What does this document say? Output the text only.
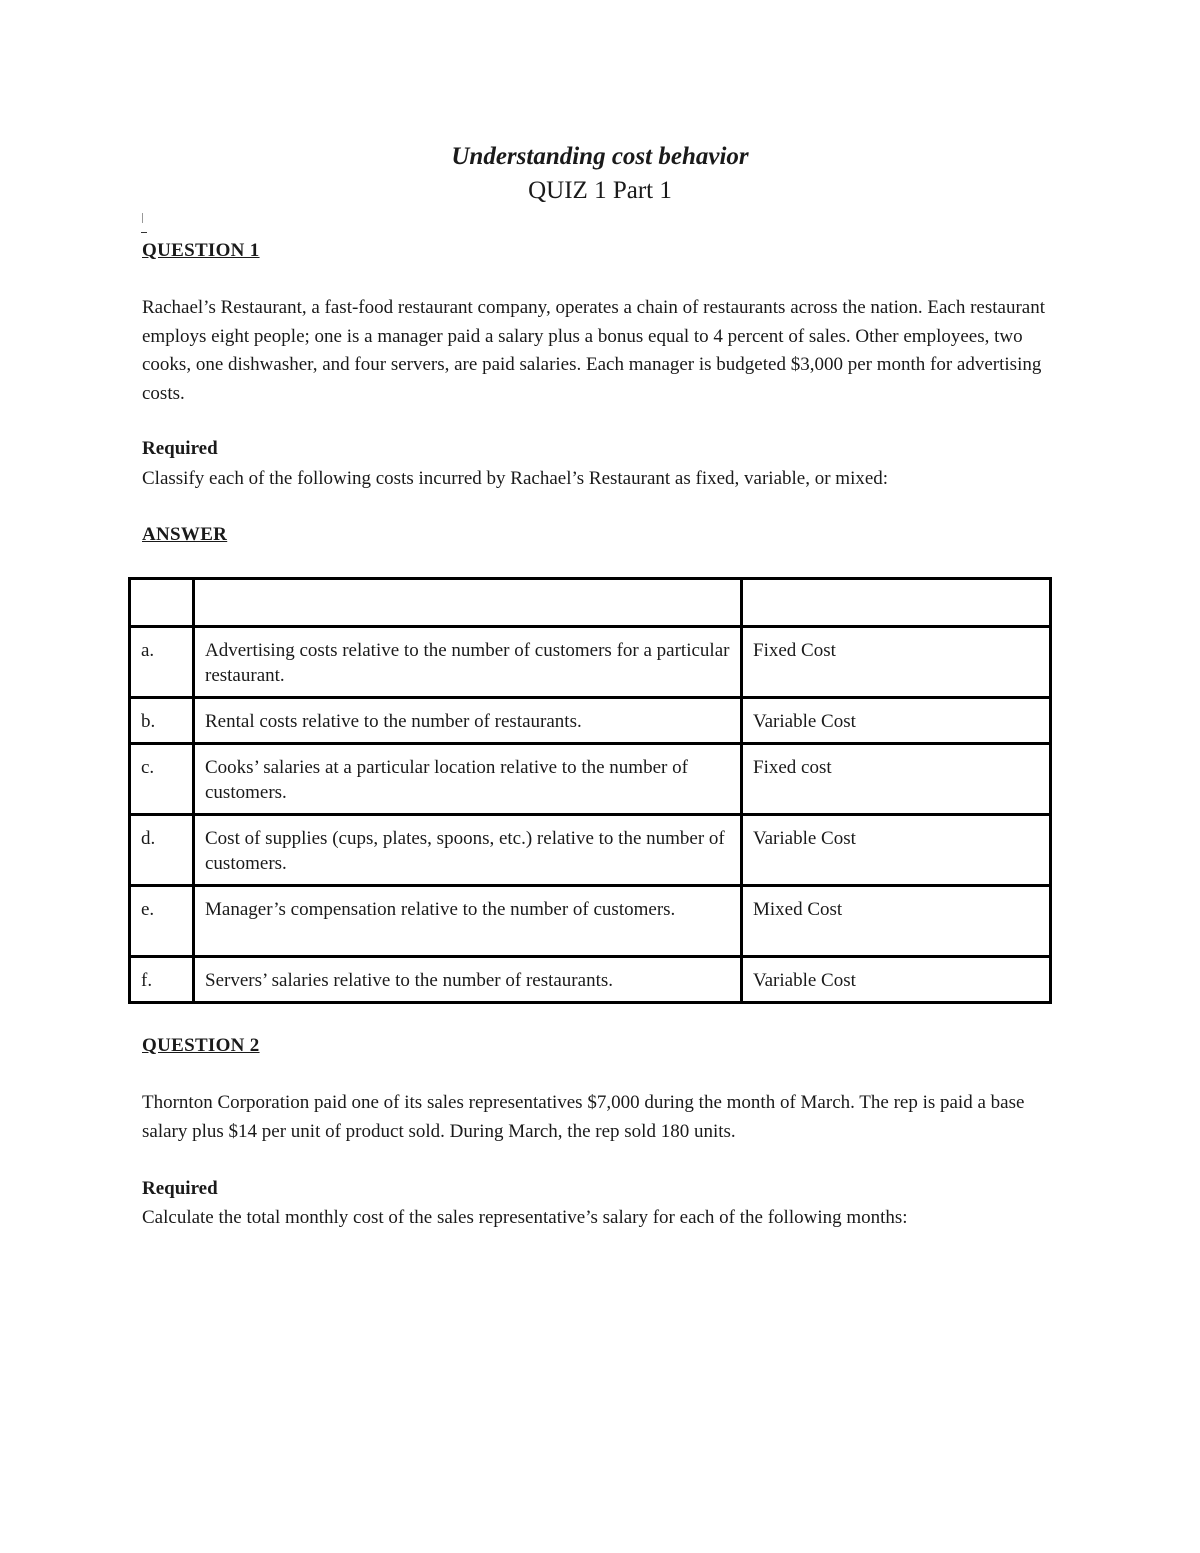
Understanding cost behavior
QUIZ 1 Part 1
QUESTION 1
Rachael’s Restaurant, a fast-food restaurant company, operates a chain of restaurants across the nation. Each restaurant employs eight people; one is a manager paid a salary plus a bonus equal to 4 percent of sales. Other employees, two cooks, one dishwasher, and four servers, are paid salaries. Each manager is budgeted $3,000 per month for advertising costs.
Required
Classify each of the following costs incurred by Rachael’s Restaurant as fixed, variable, or mixed:
ANSWER

a.	Advertising costs relative to the number of customers for a particular restaurant.	Fixed Cost
b.	Rental costs relative to the number of restaurants.	Variable Cost
c.	Cooks’ salaries at a particular location relative to the number of customers.	Fixed cost
d.	Cost of supplies (cups, plates, spoons, etc.) relative to the number of customers.	Variable Cost
e.	Manager’s compensation relative to the number of customers.	Mixed Cost
f.	Servers’ salaries relative to the number of restaurants.	Variable Cost
QUESTION 2
Thornton Corporation paid one of its sales representatives $7,000 during the month of March. The rep is paid a base salary plus $14 per unit of product sold. During March, the rep sold 180 units.
Required
Calculate the total monthly cost of the sales representative’s salary for each of the following months:
